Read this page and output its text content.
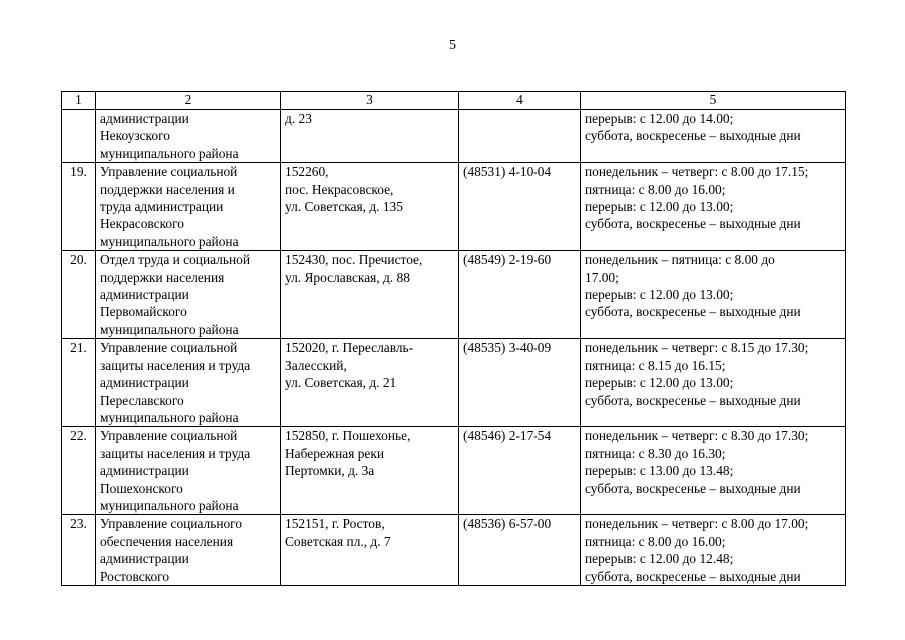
5
1	2	3	4	5

	администрации
Некоузского
муниципального района	д. 23		перерыв: с 12.00 до 14.00;
суббота, воскресенье – выходные дни

19.	Управление социальной
поддержки населения и
труда администрации
Некрасовского
муниципального района	152260,
пос. Некрасовское,
ул. Советская, д. 135	(48531) 4-10-04	понедельник – четверг: с 8.00 до 17.15;
пятница: с 8.00 до 16.00;
перерыв: с 12.00 до 13.00;
суббота, воскресенье – выходные дни

20.	Отдел труда и социальной
поддержки населения
администрации
Первомайского
муниципального района	152430, пос. Пречистое,
ул. Ярославская, д. 88	(48549) 2-19-60	понедельник – пятница: с 8.00 до
17.00;
перерыв: с 12.00 до 13.00;
суббота, воскресенье – выходные дни

21.	Управление социальной
защиты населения и труда
администрации
Переславского
муниципального района	152020, г. Переславль-
Залесский,
ул. Советская, д. 21	(48535) 3-40-09	понедельник – четверг: с 8.15 до 17.30;
пятница: с 8.15 до 16.15;
перерыв: с 12.00 до 13.00;
суббота, воскресенье – выходные дни

22.	Управление социальной
защиты населения и труда
администрации
Пошехонского
муниципального района	152850, г. Пошехонье,
Набережная реки
Пертомки, д. 3а	(48546) 2-17-54	понедельник – четверг: с 8.30 до 17.30;
пятница: с 8.30 до 16.30;
перерыв: с 13.00 до 13.48;
суббота, воскресенье – выходные дни

23.	Управление социального
обеспечения населения
администрации
Ростовского	152151, г. Ростов,
Советская пл., д. 7	(48536) 6-57-00	понедельник – четверг: с 8.00 до 17.00;
пятница: с 8.00 до 16.00;
перерыв: с 12.00 до 12.48;
суббота, воскресенье – выходные дни
